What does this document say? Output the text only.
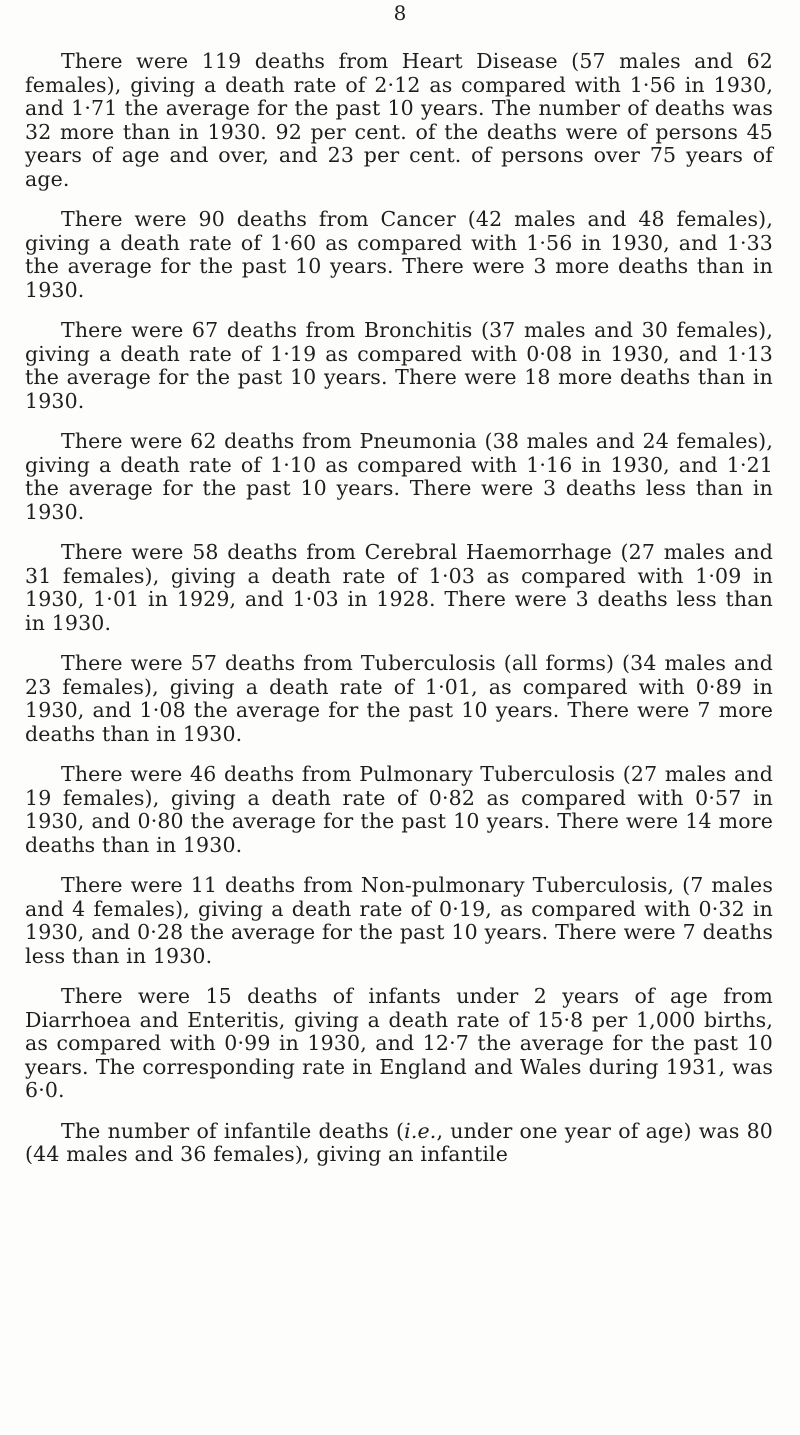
8

There were 119 deaths from Heart Disease (57 males and 62 females), giving a death rate of 2·12 as compared with 1·56 in 1930, and 1·71 the average for the past 10 years. The number of deaths was 32 more than in 1930. 92 per cent. of the deaths were of persons 45 years of age and over, and 23 per cent. of persons over 75 years of age.

There were 90 deaths from Cancer (42 males and 48 females), giving a death rate of 1·60 as compared with 1·56 in 1930, and 1·33 the average for the past 10 years. There were 3 more deaths than in 1930.

There were 67 deaths from Bronchitis (37 males and 30 females), giving a death rate of 1·19 as compared with 0·08 in 1930, and 1·13 the average for the past 10 years. There were 18 more deaths than in 1930.

There were 62 deaths from Pneumonia (38 males and 24 females), giving a death rate of 1·10 as compared with 1·16 in 1930, and 1·21 the average for the past 10 years. There were 3 deaths less than in 1930.

There were 58 deaths from Cerebral Haemorrhage (27 males and 31 females), giving a death rate of 1·03 as compared with 1·09 in 1930, 1·01 in 1929, and 1·03 in 1928. There were 3 deaths less than in 1930.

There were 57 deaths from Tuberculosis (all forms) (34 males and 23 females), giving a death rate of 1·01, as compared with 0·89 in 1930, and 1·08 the average for the past 10 years. There were 7 more deaths than in 1930.

There were 46 deaths from Pulmonary Tuberculosis (27 males and 19 females), giving a death rate of 0·82 as compared with 0·57 in 1930, and 0·80 the average for the past 10 years. There were 14 more deaths than in 1930.

There were 11 deaths from Non-pulmonary Tuberculosis, (7 males and 4 females), giving a death rate of 0·19, as compared with 0·32 in 1930, and 0·28 the average for the past 10 years. There were 7 deaths less than in 1930.

There were 15 deaths of infants under 2 years of age from Diarrhoea and Enteritis, giving a death rate of 15·8 per 1,000 births, as compared with 0·99 in 1930, and 12·7 the average for the past 10 years. The corresponding rate in England and Wales during 1931, was 6·0.

The number of infantile deaths (i.e., under one year of age) was 80 (44 males and 36 females), giving an infantile
